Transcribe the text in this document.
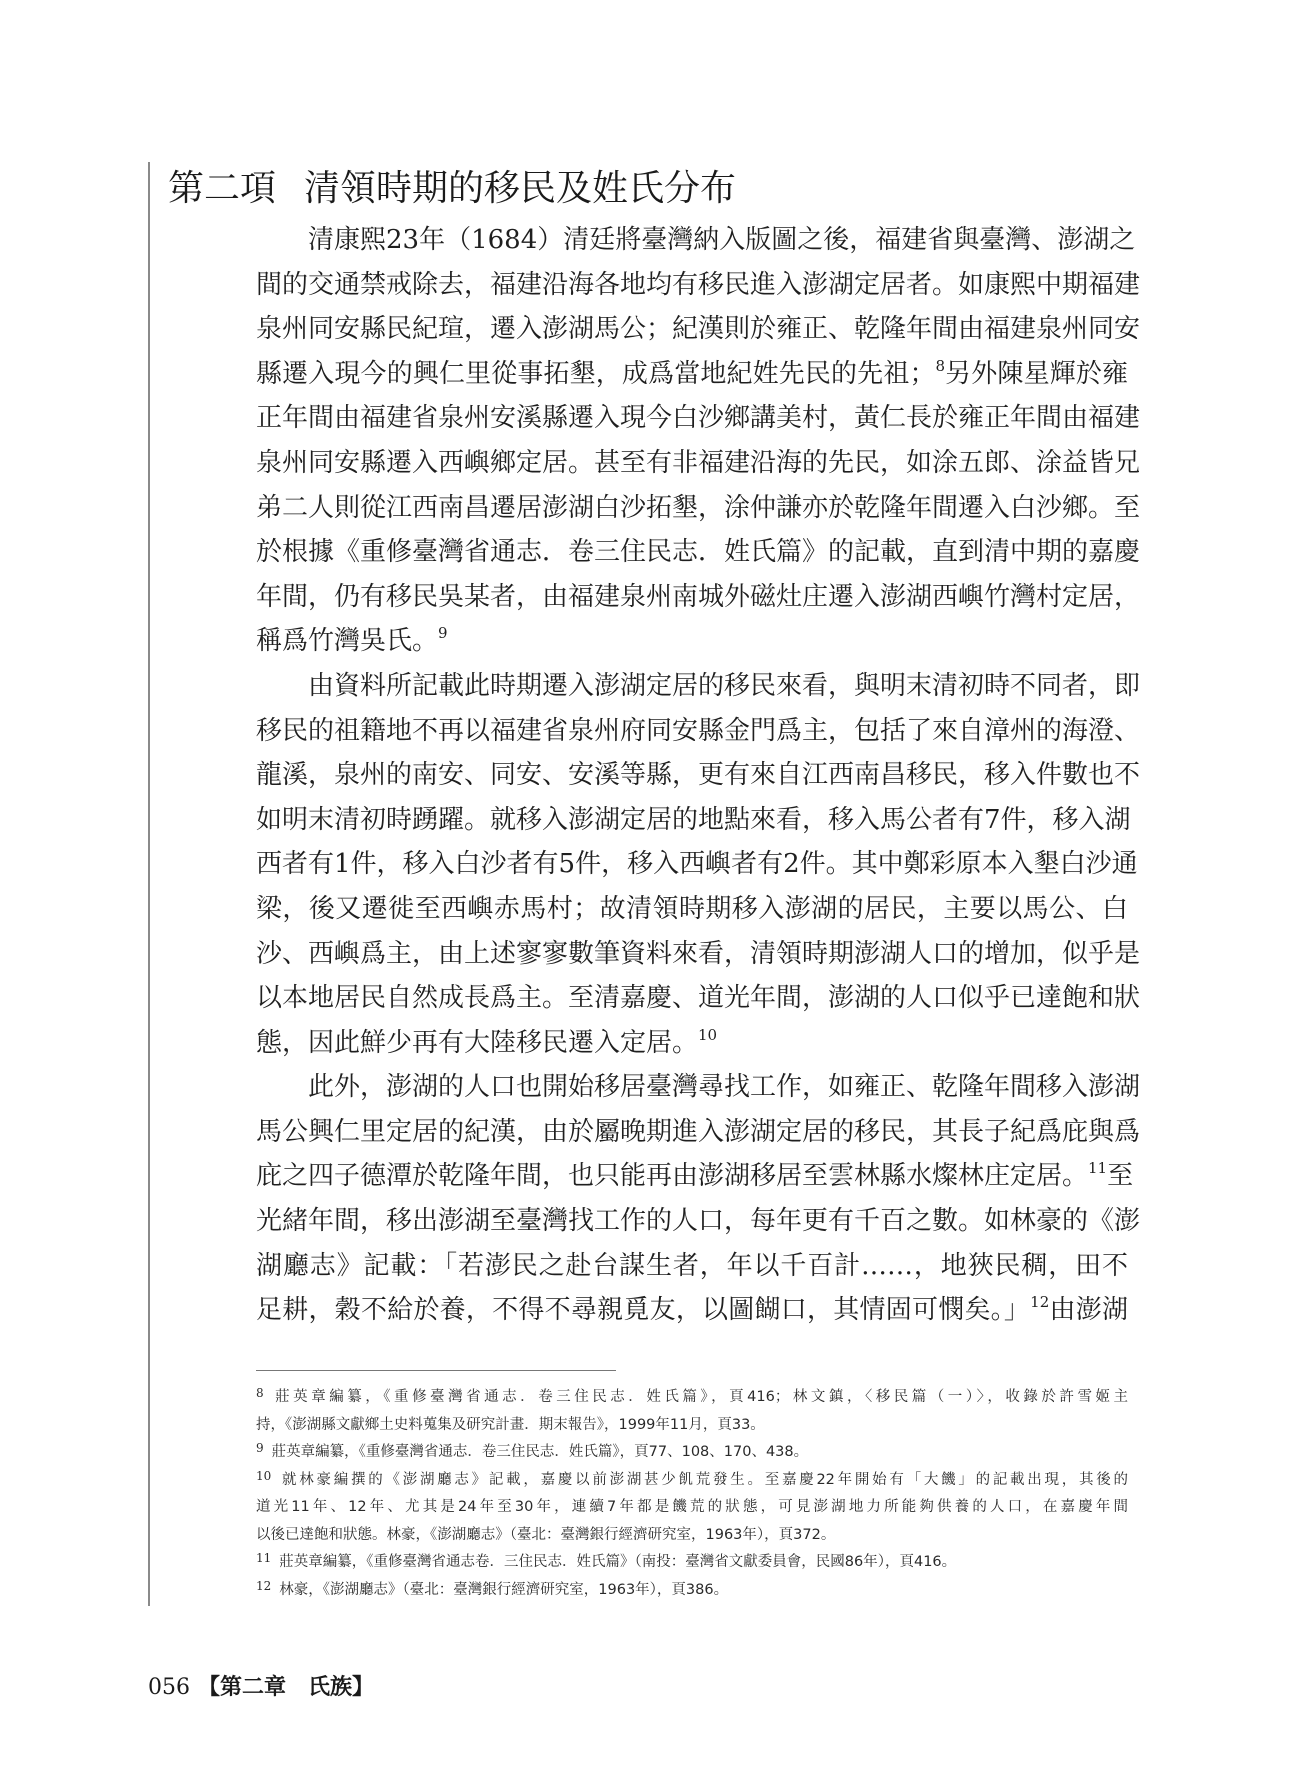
第二項 清領時期的移民及姓氏分布
清康熙23年（1684）清廷將臺灣納入版圖之後，福建省與臺灣、澎湖之
間的交通禁戒除去，福建沿海各地均有移民進入澎湖定居者。如康熙中期福建
泉州同安縣民紀瑄，遷入澎湖馬公；紀漢則於雍正、乾隆年間由福建泉州同安
縣遷入現今的興仁里從事拓墾，成爲當地紀姓先民的先祖；$^8$另外陳星輝於雍
正年間由福建省泉州安溪縣遷入現今白沙鄉講美村，黃仁長於雍正年間由福建
泉州同安縣遷入西嶼鄉定居。甚至有非福建沿海的先民，如涂五郎、涂益皆兄
弟二人則從江西南昌遷居澎湖白沙拓墾，涂仲謙亦於乾隆年間遷入白沙鄉。至
於根據《重修臺灣省通志．卷三住民志．姓氏篇》的記載，直到清中期的嘉慶
年間，仍有移民吳某者，由福建泉州南城外磁灶庄遷入澎湖西嶼竹灣村定居，
稱爲竹灣吳氏。$^9$
由資料所記載此時期遷入澎湖定居的移民來看，與明末清初時不同者，即
移民的祖籍地不再以福建省泉州府同安縣金門爲主，包括了來自漳州的海澄、
龍溪，泉州的南安、同安、安溪等縣，更有來自江西南昌移民，移入件數也不
如明末清初時踴躍。就移入澎湖定居的地點來看，移入馬公者有7件，移入湖
西者有1件，移入白沙者有5件，移入西嶼者有2件。其中鄭彩原本入墾白沙通
梁，後又遷徙至西嶼赤馬村；故清領時期移入澎湖的居民，主要以馬公、白
沙、西嶼爲主，由上述寥寥數筆資料來看，清領時期澎湖人口的增加，似乎是
以本地居民自然成長爲主。至清嘉慶、道光年間，澎湖的人口似乎已達飽和狀
態，因此鮮少再有大陸移民遷入定居。$^{10}$
此外，澎湖的人口也開始移居臺灣尋找工作，如雍正、乾隆年間移入澎湖
馬公興仁里定居的紀漢，由於屬晚期進入澎湖定居的移民，其長子紀爲庇與爲
庇之四子德潭於乾隆年間，也只能再由澎湖移居至雲林縣水燦林庄定居。$^{11}$至
光緒年間，移出澎湖至臺灣找工作的人口，每年更有千百之數。如林豪的《澎
湖廳志》記載：「若澎民之赴台謀生者，年以千百計……，地狹民稠，田不
足耕，穀不給於養，不得不尋親覓友，以圖餬口，其情固可憫矣。」$^{12}$由澎湖
$^8$ 莊英章編纂，《重修臺灣省通志．卷三住民志．姓氏篇》，頁416；林文鎮，〈移民篇（一）〉，收錄於許雪姬主
持，《澎湖縣文獻鄉土史料蒐集及研究計畫．期末報告》，1999年11月，頁33。
$^9$ 莊英章編纂，《重修臺灣省通志．卷三住民志．姓氏篇》，頁77、108、170、438。
$^{10}$ 就林豪編撰的《澎湖廳志》記載，嘉慶以前澎湖甚少飢荒發生。至嘉慶22年開始有「大饑」的記載出現，其後的
道光11年、12年、尤其是24年至30年，連續7年都是饑荒的狀態，可見澎湖地力所能夠供養的人口，在嘉慶年間
以後已達飽和狀態。林豪，《澎湖廳志》（臺北：臺灣銀行經濟研究室，1963年），頁372。
$^{11}$ 莊英章編纂，《重修臺灣省通志卷．三住民志．姓氏篇》（南投：臺灣省文獻委員會，民國86年），頁416。
$^{12}$ 林豪，《澎湖廳志》（臺北：臺灣銀行經濟研究室，1963年），頁386。
056 【第二章　氏族】
